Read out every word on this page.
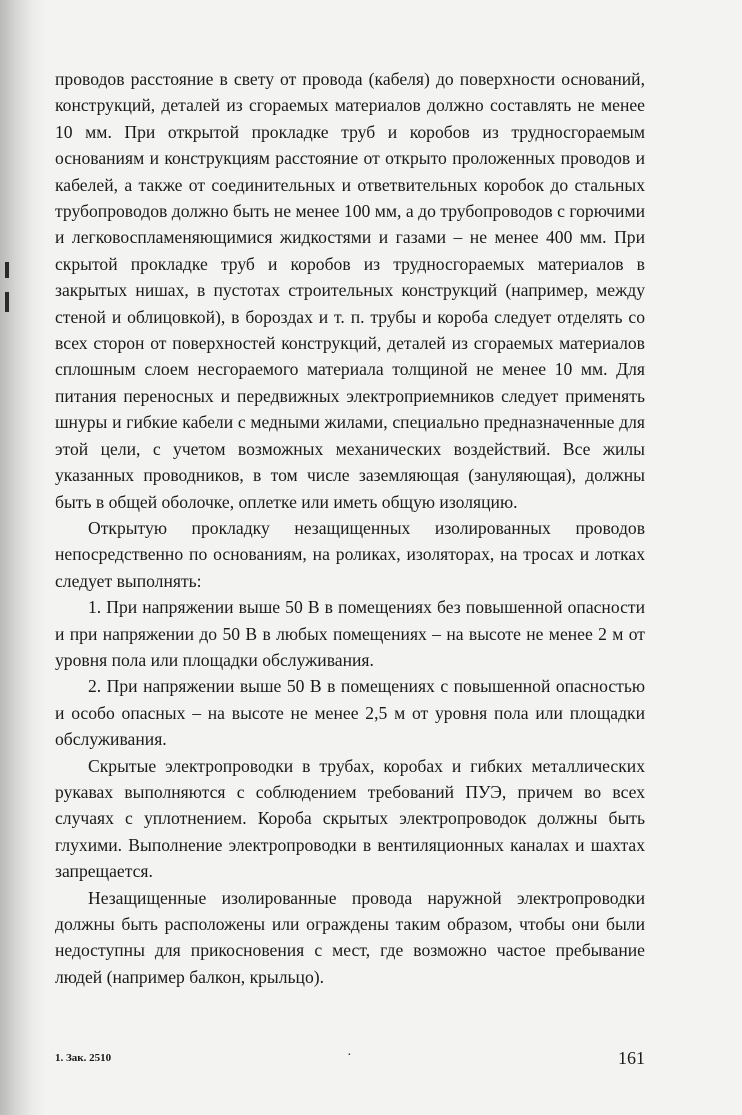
проводов расстояние в свету от провода (кабеля) до поверхности оснований, конструкций, деталей из сгораемых материалов должно составлять не менее 10 мм. При открытой прокладке труб и коробов из трудносгораемым основаниям и конструкциям расстояние от открыто проложенных проводов и кабелей, а также от соединительных и ответвительных коробок до стальных трубопроводов должно быть не менее 100 мм, а до трубопроводов с горючими и легковоспламеняющимися жидкостями и газами – не менее 400 мм. При скрытой прокладке труб и коробов из трудносгораемых материалов в закрытых нишах, в пустотах строительных конструкций (например, между стеной и облицовкой), в бороздах и т. п. трубы и короба следует отделять со всех сторон от поверхностей конструкций, деталей из сгораемых материалов сплошным слоем несгораемого материала толщиной не менее 10 мм. Для питания переносных и передвижных электроприемников следует применять шнуры и гибкие кабели с медными жилами, специально предназначенные для этой цели, с учетом возможных механических воздействий. Все жилы указанных проводников, в том числе заземляющая (зануляющая), должны быть в общей оболочке, оплетке или иметь общую изоляцию.

Открытую прокладку незащищенных изолированных проводов непосредственно по основаниям, на роликах, изоляторах, на тросах и лотках следует выполнять:

1. При напряжении выше 50 В в помещениях без повышенной опасности и при напряжении до 50 В в любых помещениях – на высоте не менее 2 м от уровня пола или площадки обслуживания.

2. При напряжении выше 50 В в помещениях с повышенной опасностью и особо опасных – на высоте не менее 2,5 м от уровня пола или площадки обслуживания.

Скрытые электропроводки в трубах, коробах и гибких металлических рукавах выполняются с соблюдением требований ПУЭ, причем во всех случаях с уплотнением. Короба скрытых электропроводок должны быть глухими. Выполнение электропроводки в вентиляционных каналах и шахтах запрещается.

Незащищенные изолированные провода наружной электропроводки должны быть расположены или ограждены таким образом, чтобы они были недоступны для прикосновения с мест, где возможно частое пребывание людей (например балкон, крыльцо).

1. Зак. 2510	·	161
